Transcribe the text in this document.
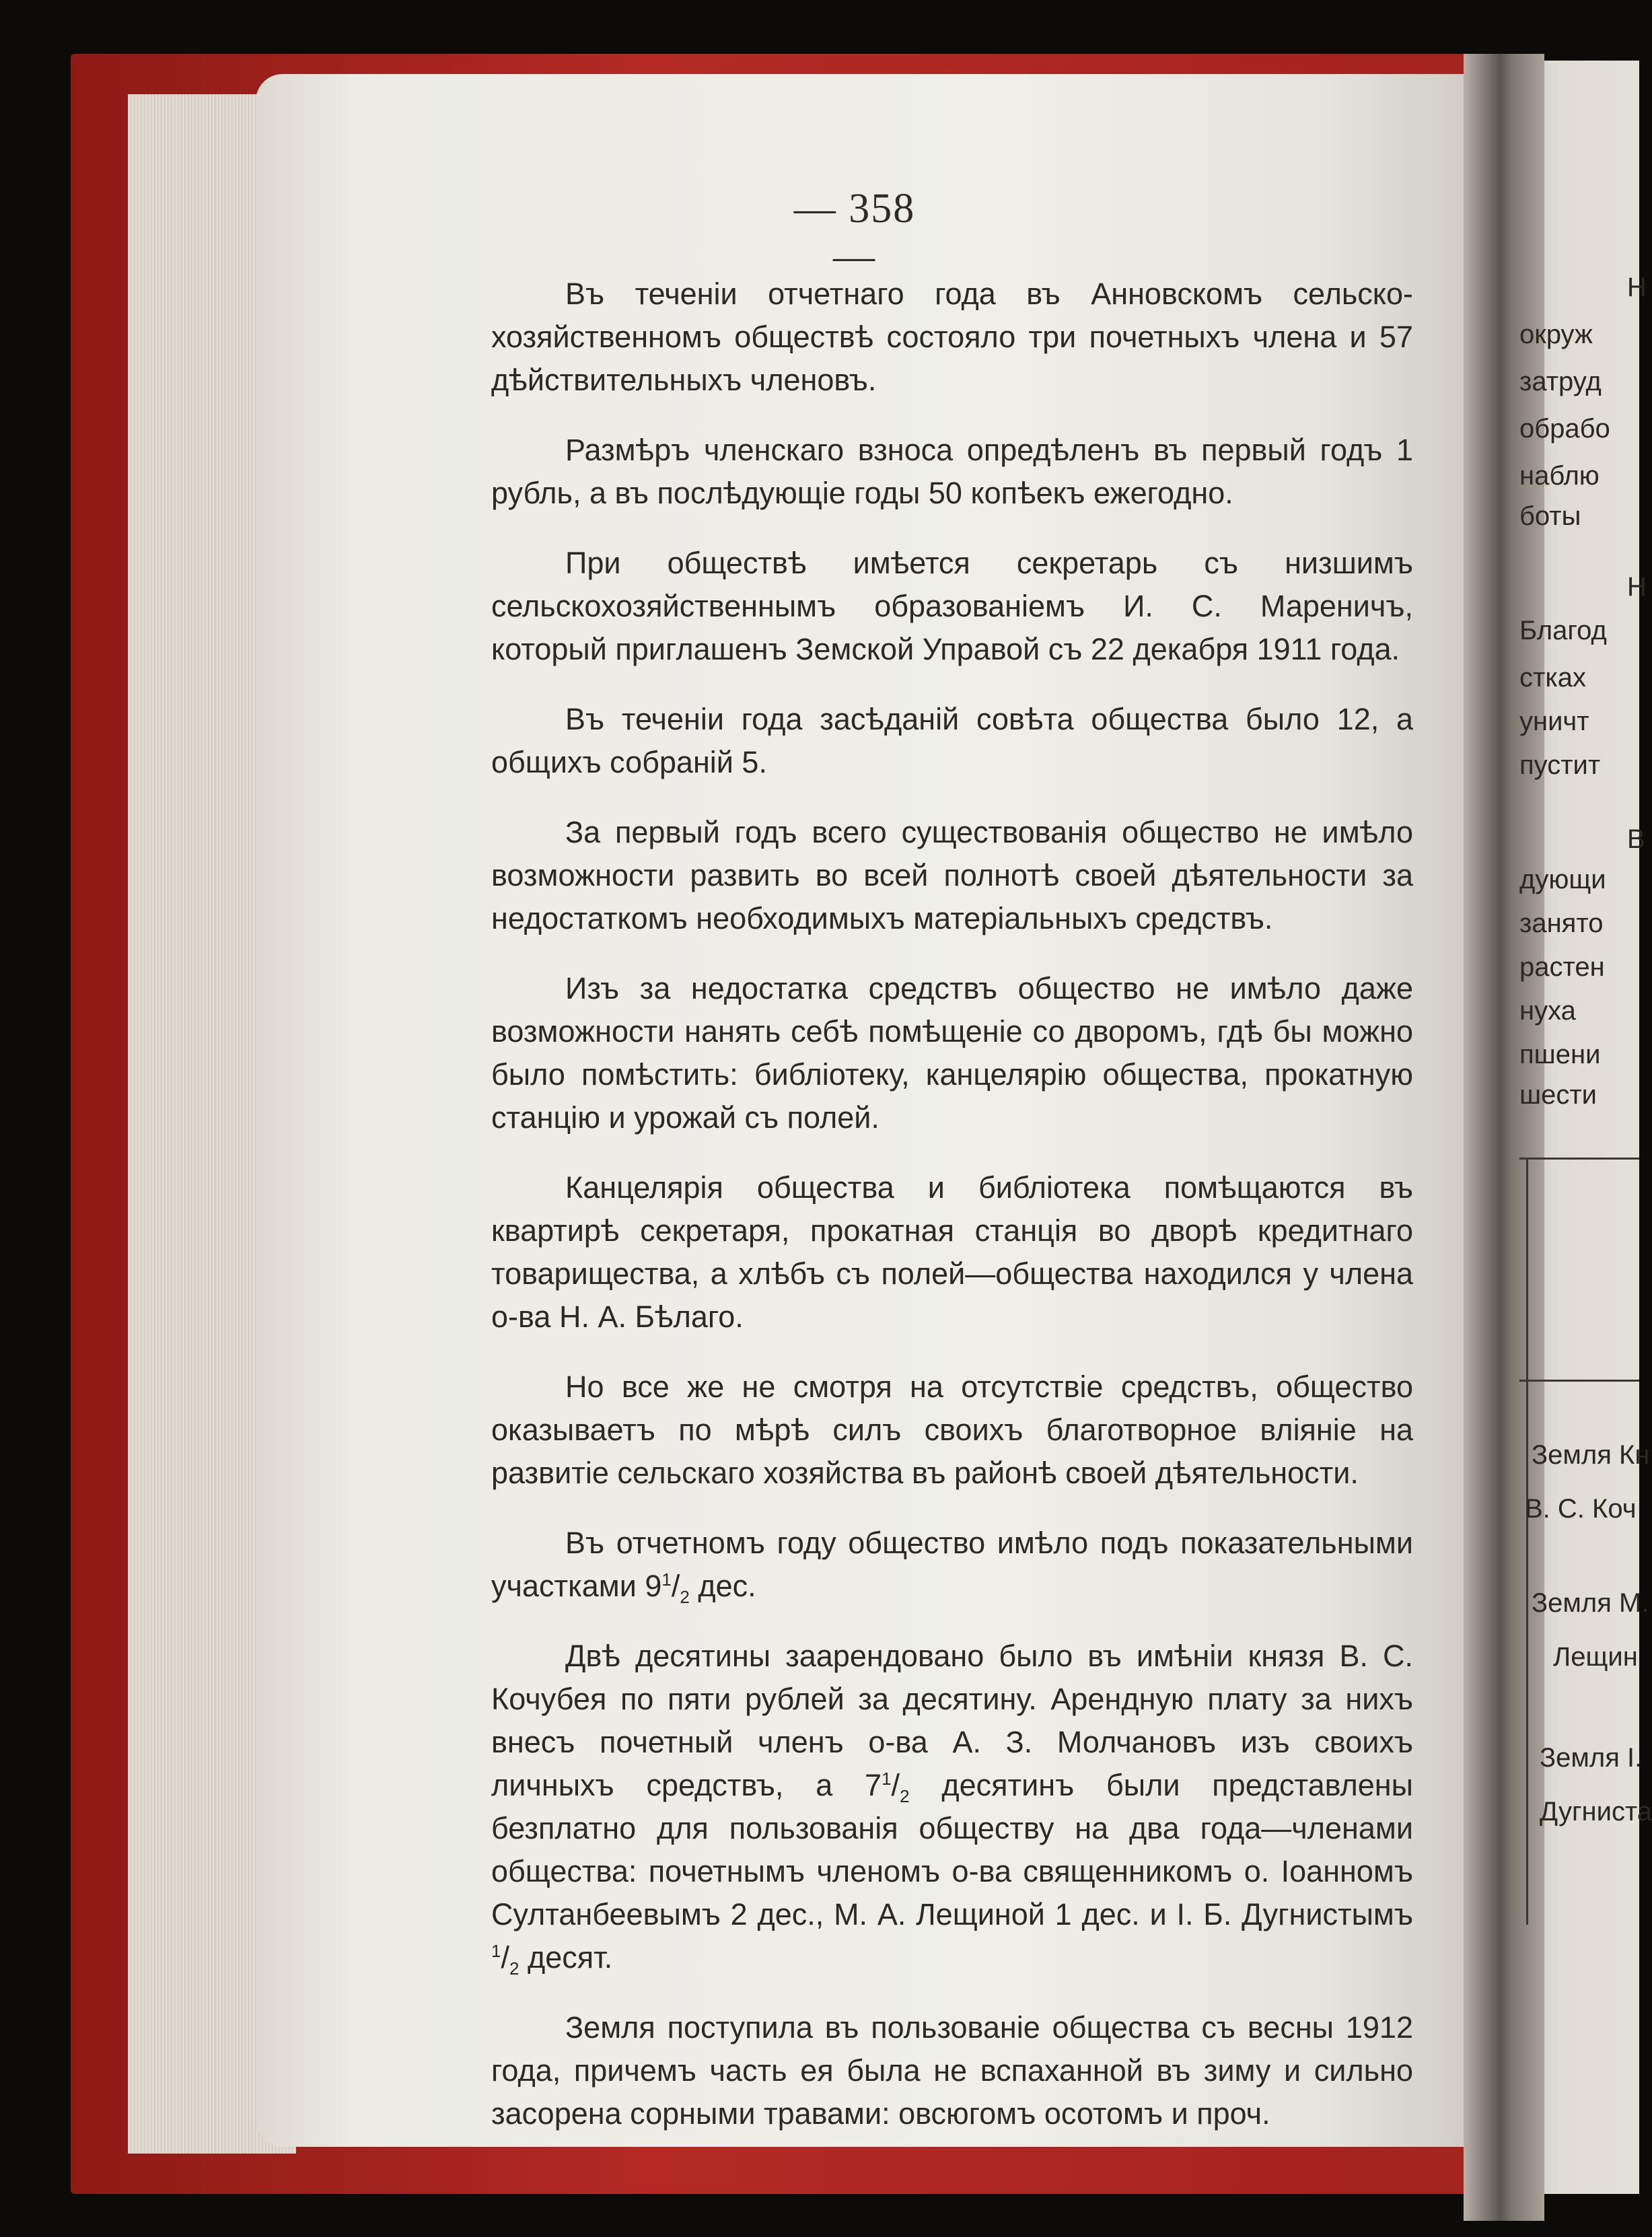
— 358 —

Въ теченiи отчетнаго года въ Анновскомъ сельско-хозяйственномъ обществѣ состояло три почетныхъ члена и 57 дѣйствительныхъ членовъ.

Размѣръ членскаго взноса опредѣленъ въ первый годъ 1 рубль, а въ послѣдующiе годы 50 копѣекъ ежегодно.

При обществѣ имѣется секретарь съ низшимъ сельскохозяйственнымъ образованiемъ И. С. Мареничъ, который приглашенъ Земской Управой съ 22 декабря 1911 года.

Въ теченiи года засѣданiй совѣта общества было 12, а общихъ собранiй 5.

За первый годъ всего существованiя общество не имѣло возможности развить во всей полнотѣ своей дѣятельности за недостаткомъ необходимыхъ матерiальныхъ средствъ.

Изъ за недостатка средствъ общество не имѣло даже возможности нанять себѣ помѣщенiе со дворомъ, гдѣ бы можно было помѣстить: библiотеку, канцелярiю общества, прокатную станцiю и урожай съ полей.

Канцелярiя общества и библiотека помѣщаются въ квартирѣ секретаря, прокатная станцiя во дворѣ кредитнаго товарищества, а хлѣбъ съ полей—общества находился у члена о-ва Н. А. Бѣлаго.

Но все же не смотря на отсутствiе средствъ, общество оказываетъ по мѣрѣ силъ своихъ благотворное влiянiе на развитiе сельскаго хозяйства въ районѣ своей дѣятельности.

Въ отчетномъ году общество имѣло подъ показательными участками $9^1/_2$ дес.

Двѣ десятины заарендовано было въ имѣнiи князя В. С. Кочубея по пяти рублей за десятину. Арендную плату за нихъ внесъ почетный членъ о-ва А. З. Молчановъ изъ своихъ личныхъ средствъ, а $7^1/_2$ десятинъ были представлены безплатно для пользованiя обществу на два года—членами общества: почетнымъ членомъ о-ва священникомъ о. Iоанномъ Султанбеевымъ 2 дес., М. А. Лещиной 1 дес. и I. Б. Дугнистымъ $^1/_2$ десят.

Земля поступила въ пользованiе общества съ весны 1912 года, причемъ часть ея была не вспаханной въ зиму и сильно засорена сорными травами: овсюгомъ осотомъ и проч.

Н
окруж
затруд
обрабо
наблю
боты
Н
Благод
стках
уничт
пустит
В
дующи
занято
растен
нуха
пшени
шести
Земля Кн
В. С. Коч
Земля М.
Лещин
Земля I.
Дугниста
